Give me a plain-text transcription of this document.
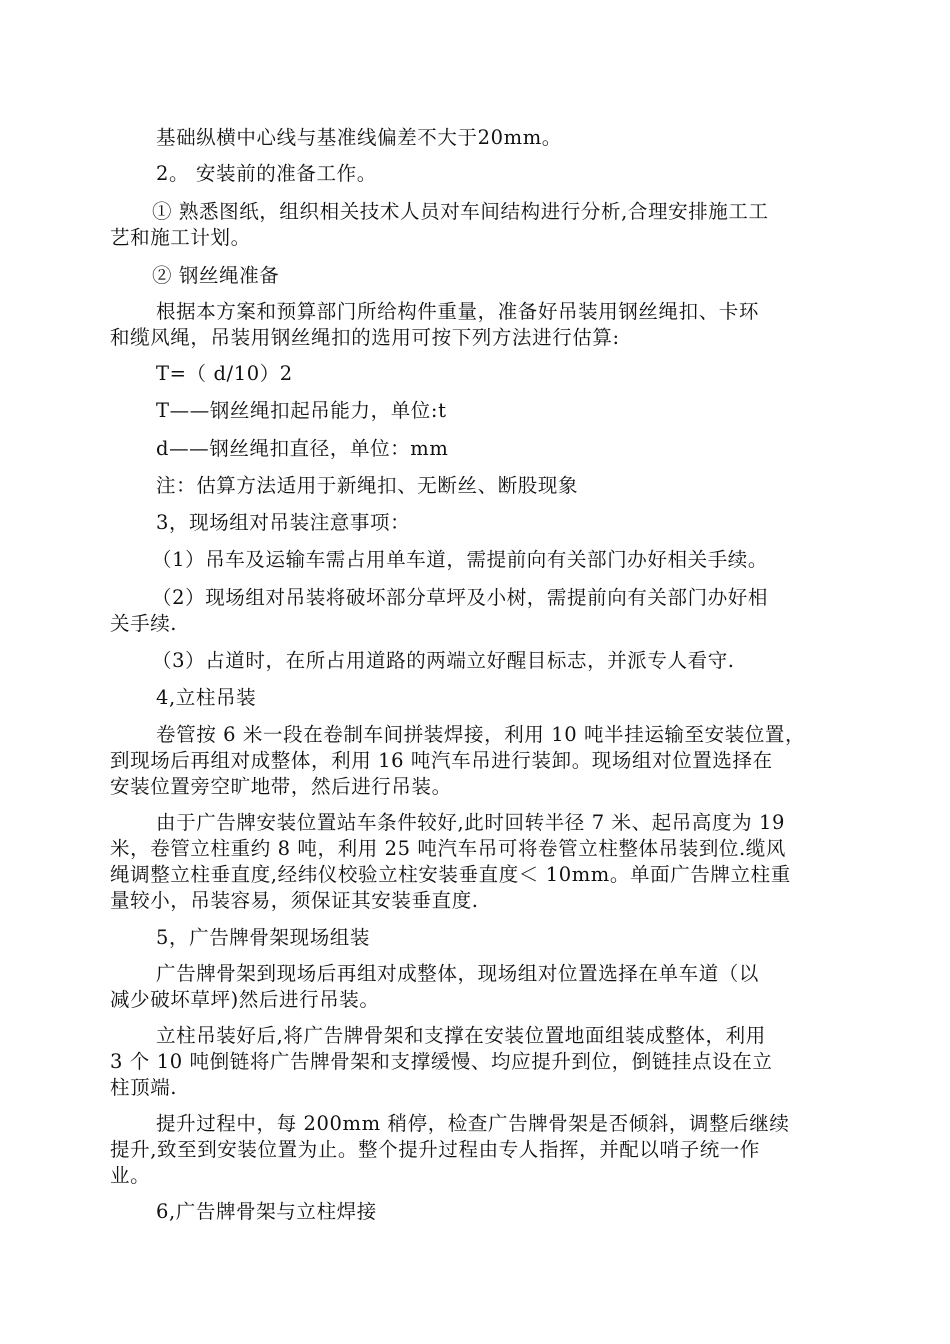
基础纵横中心线与基准线偏差不大于20mm。
2。 安装前的准备工作。
① 熟悉图纸，组织相关技术人员对车间结构进行分析,合理安排施工工
艺和施工计划。
② 钢丝绳准备
根据本方案和预算部门所给构件重量，准备好吊装用钢丝绳扣、卡环
和缆风绳，吊装用钢丝绳扣的选用可按下列方法进行估算:
T=（ d/10）2
T——钢丝绳扣起吊能力，单位:t
d——钢丝绳扣直径，单位：mm
注：估算方法适用于新绳扣、无断丝、断股现象
3，现场组对吊装注意事项：
（1）吊车及运输车需占用单车道，需提前向有关部门办好相关手续。
（2）现场组对吊装将破坏部分草坪及小树，需提前向有关部门办好相
关手续.
（3）占道时，在所占用道路的两端立好醒目标志，并派专人看守.
4,立柱吊装
卷管按 6 米一段在卷制车间拼装焊接，利用 10 吨半挂运输至安装位置，
到现场后再组对成整体，利用 16 吨汽车吊进行装卸。现场组对位置选择在
安装位置旁空旷地带，然后进行吊装。
由于广告牌安装位置站车条件较好,此时回转半径 7 米、起吊高度为 19
米，卷管立柱重约 8 吨，利用 25 吨汽车吊可将卷管立柱整体吊装到位.缆风
绳调整立柱垂直度,经纬仪校验立柱安装垂直度＜ 10mm。单面广告牌立柱重
量较小，吊装容易，须保证其安装垂直度.
5，广告牌骨架现场组装
广告牌骨架到现场后再组对成整体，现场组对位置选择在单车道（以
减少破坏草坪)然后进行吊装。
立柱吊装好后,将广告牌骨架和支撑在安装位置地面组装成整体，利用
3 个 10 吨倒链将广告牌骨架和支撑缓慢、均应提升到位，倒链挂点设在立
柱顶端.
提升过程中，每 200mm 稍停，检查广告牌骨架是否倾斜，调整后继续
提升,致至到安装位置为止。整个提升过程由专人指挥，并配以哨子统一作
业。
6,广告牌骨架与立柱焊接
